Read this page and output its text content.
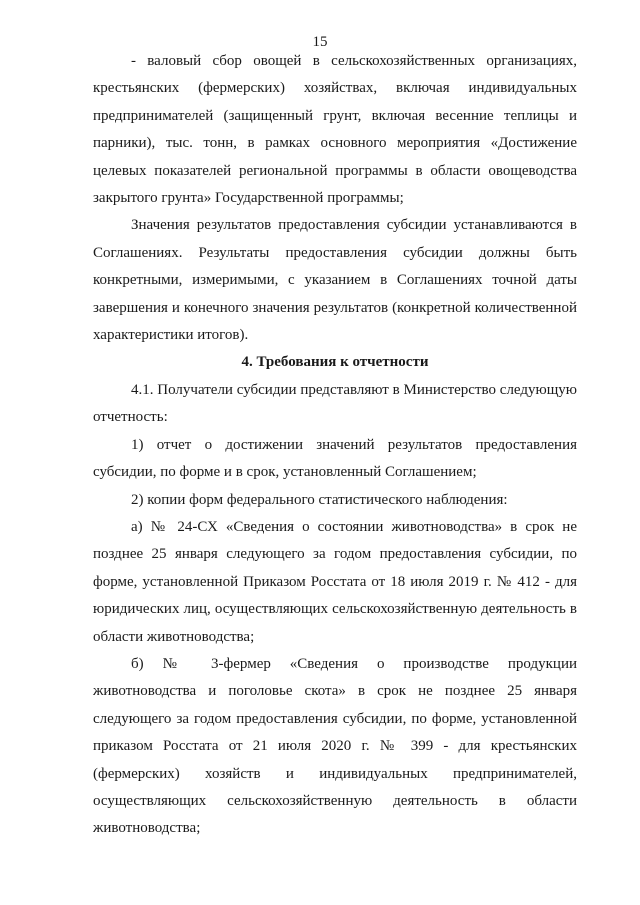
15

- валовый сбор овощей в сельскохозяйственных организациях, крестьянских (фермерских) хозяйствах, включая индивидуальных предпринимателей (защищенный грунт, включая весенние теплицы и парники), тыс. тонн, в рамках основного мероприятия «Достижение целевых показателей региональной программы в области овощеводства закрытого грунта» Государственной программы;

Значения результатов предоставления субсидии устанавливаются в Соглашениях. Результаты предоставления субсидии должны быть конкретными, измеримыми, с указанием в Соглашениях точной даты завершения и конечного значения результатов (конкретной количественной характеристики итогов).

4. Требования к отчетности

4.1. Получатели субсидии представляют в Министерство следующую отчетность:

1) отчет о достижении значений результатов предоставления субсидии, по форме и в срок, установленный Соглашением;

2) копии форм федерального статистического наблюдения:

а) № 24-СХ «Сведения о состоянии животноводства» в срок не позднее 25 января следующего за годом предоставления субсидии, по форме, установленной Приказом Росстата от 18 июля 2019 г. № 412 - для юридических лиц, осуществляющих сельскохозяйственную деятельность в области животноводства;

б) № 3-фермер «Сведения о производстве продукции животноводства и поголовье скота» в срок не позднее 25 января следующего за годом предоставления субсидии, по форме, установленной приказом Росстата от 21 июля 2020 г. № 399 - для крестьянских (фермерских) хозяйств и индивидуальных предпринимателей, осуществляющих сельскохозяйственную деятельность в области животноводства;
